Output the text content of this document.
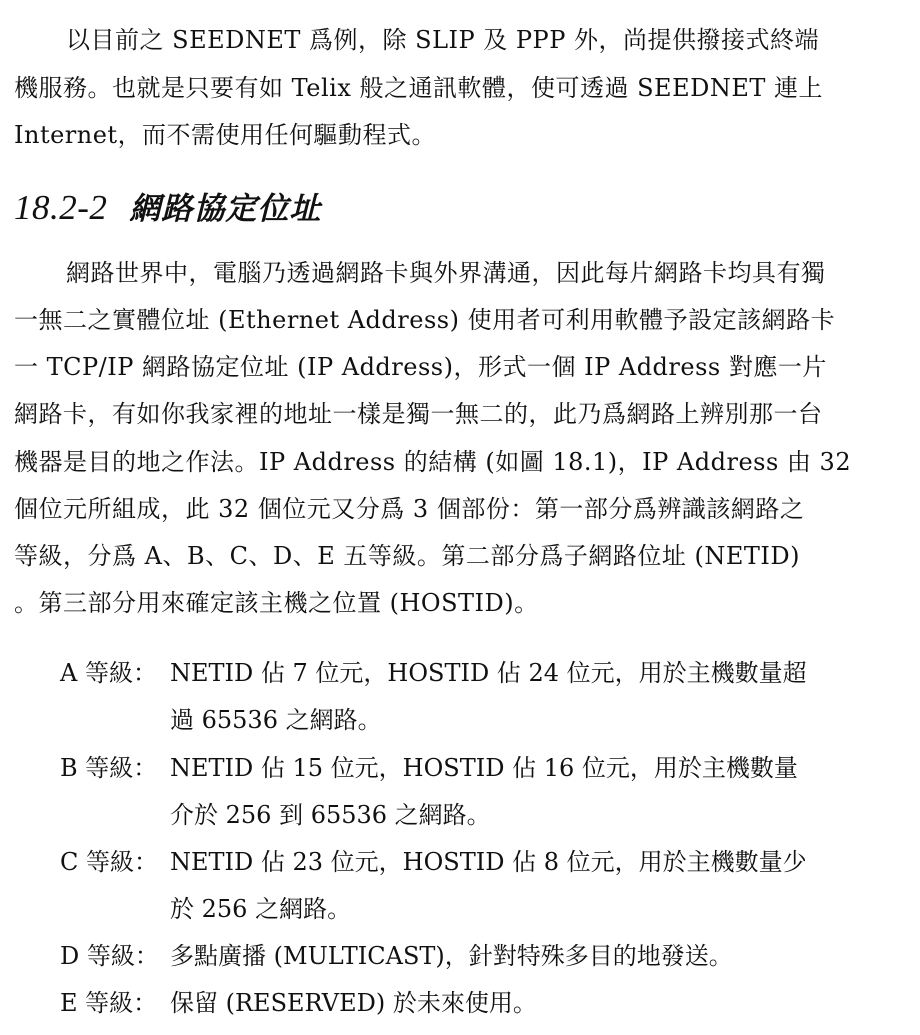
以目前之 SEEDNET 爲例，除 SLIP 及 PPP 外，尚提供撥接式終端
機服務。也就是只要有如 Telix 般之通訊軟體，使可透過 SEEDNET 連上
Internet，而不需使用任何驅動程式。
18.2-2 網路協定位址
網路世界中，電腦乃透過網路卡與外界溝通，因此每片網路卡均具有獨
一無二之實體位址 (Ethernet Address) 使用者可利用軟體予設定該網路卡
一 TCP/IP 網路協定位址 (IP Address)，形式一個 IP Address 對應一片
網路卡，有如你我家裡的地址一樣是獨一無二的，此乃爲網路上辨別那一台
機器是目的地之作法。IP Address 的結構 (如圖 18.1)，IP Address 由 32
個位元所組成，此 32 個位元又分爲 3 個部份：第一部分爲辨識該網路之
等級，分爲 A、B、C、D、E 五等級。第二部分爲子網路位址 (NETID)
。第三部分用來確定該主機之位置 (HOSTID)。
A 等級： NETID 佔 7 位元，HOSTID 佔 24 位元，用於主機數量超
過 65536 之網路。
B 等級： NETID 佔 15 位元，HOSTID 佔 16 位元，用於主機數量
介於 256 到 65536 之網路。
C 等級： NETID 佔 23 位元，HOSTID 佔 8 位元，用於主機數量少
於 256 之網路。
D 等級： 多點廣播 (MULTICAST)，針對特殊多目的地發送。
E 等級： 保留 (RESERVED) 於未來使用。
